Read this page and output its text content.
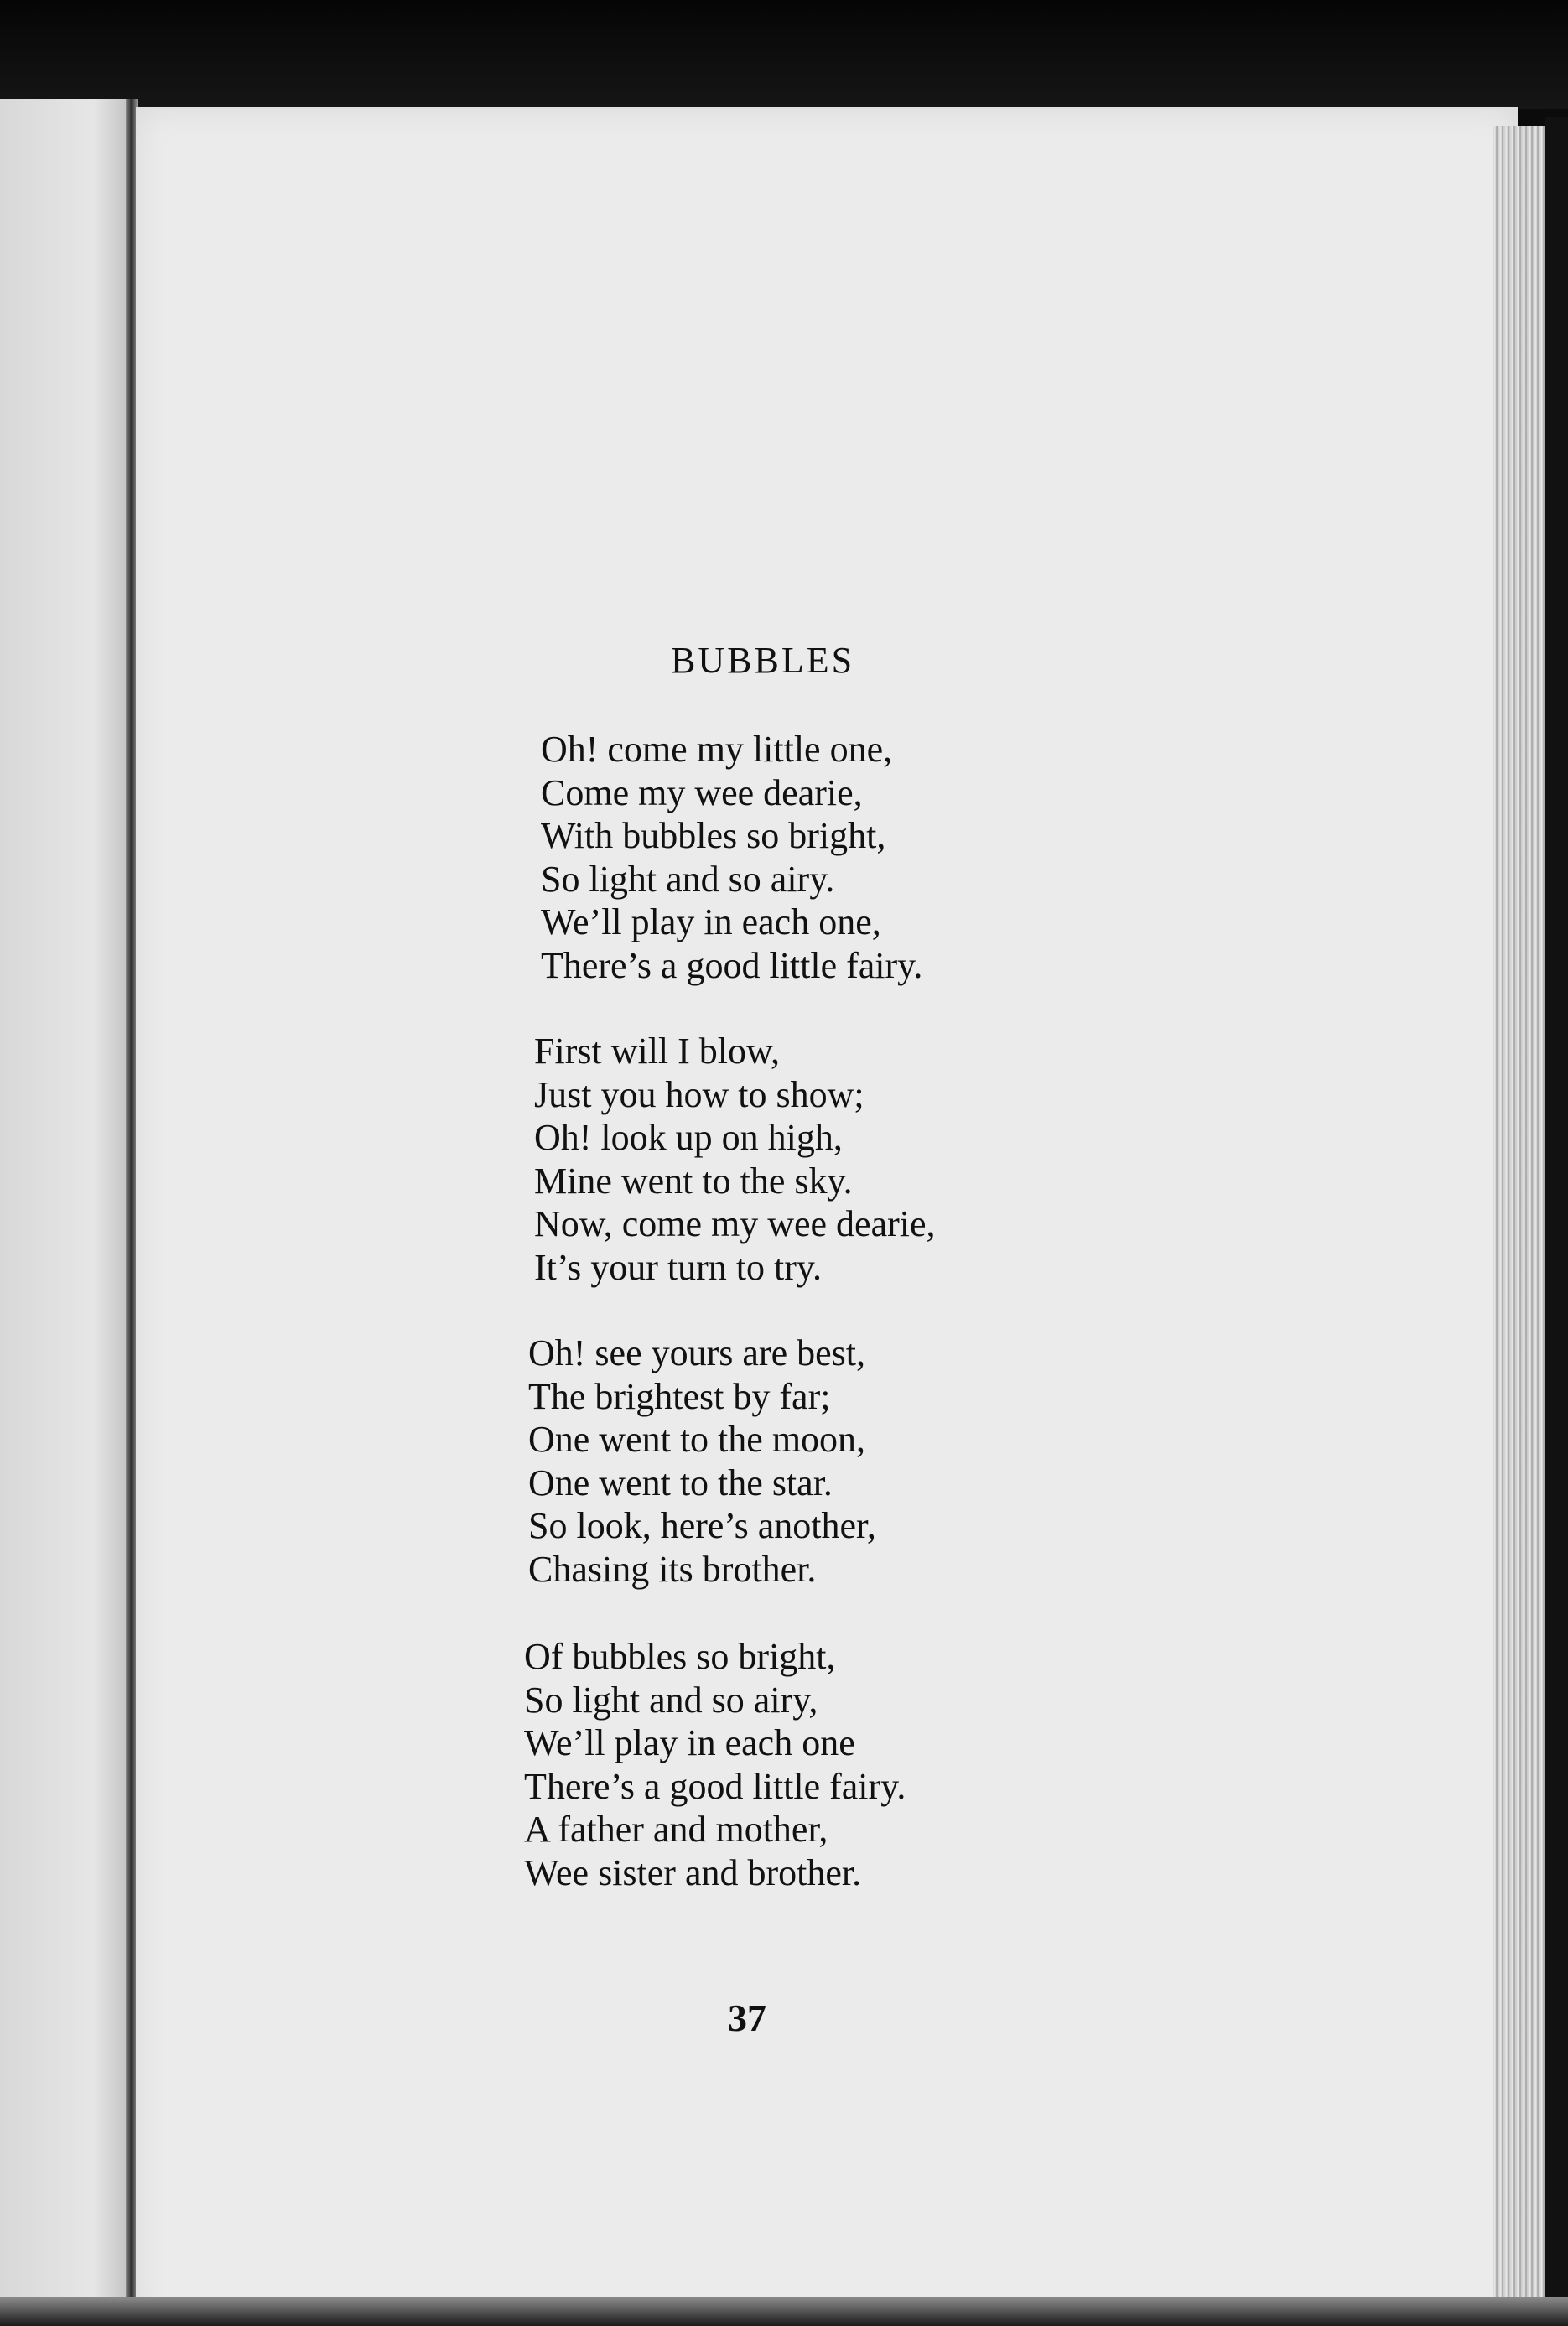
BUBBLES
Oh! come my little one,
Come my wee dearie,
With bubbles so bright,
So light and so airy.
We’ll play in each one,
There’s a good little fairy.
First will I blow,
Just you how to show;
Oh! look up on high,
Mine went to the sky.
Now, come my wee dearie,
It’s your turn to try.
Oh! see yours are best,
The brightest by far;
One went to the moon,
One went to the star.
So look, here’s another,
Chasing its brother.
Of bubbles so bright,
So light and so airy,
We’ll play in each one
There’s a good little fairy.
A father and mother,
Wee sister and brother.

37
